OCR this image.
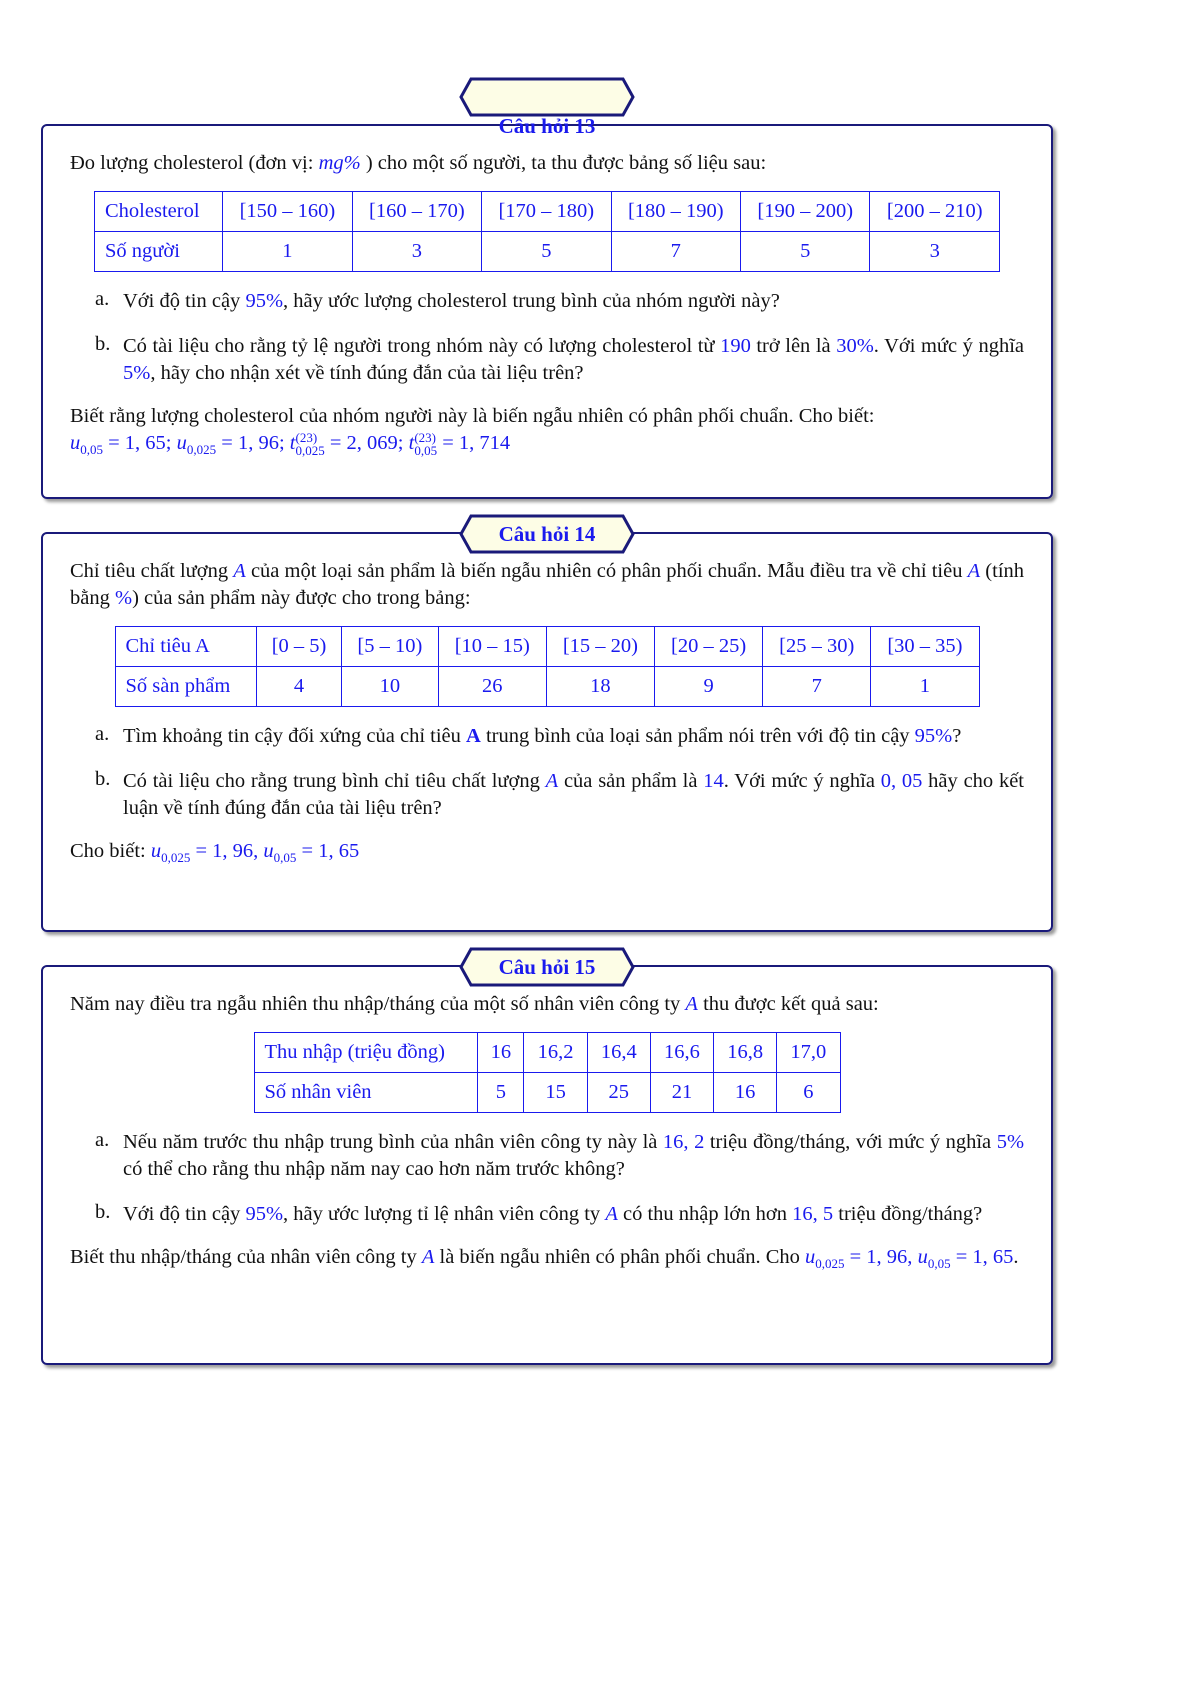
Câu hỏi 13

Đo lượng cholesterol (đơn vị: mg% ) cho một số người, ta thu được bảng số liệu sau:

Cholesterol	[150 – 160)	[160 – 170)	[170 – 180)	[180 – 190)	[190 – 200)	[200 – 210)
Số người	1	3	5	7	5	3
a. Với độ tin cậy 95%, hãy ước lượng cholesterol trung bình của nhóm người này?

b. Có tài liệu cho rằng tỷ lệ người trong nhóm này có lượng cholesterol từ 190 trở lên là 30%. Với mức ý nghĩa 5%, hãy cho nhận xét về tính đúng đắn của tài liệu trên?

Biết rằng lượng cholesterol của nhóm người này là biến ngẫu nhiên có phân phối chuẩn. Cho biết:
$u_{0,05} = 1$, 65; $u_{0,025} = 1$, 96; t (23)
0,025 = 2, 069; t (23)
0,05 = 1, 714

Câu hỏi 14

Chỉ tiêu chất lượng A của một loại sản phẩm là biến ngẫu nhiên có phân phối chuẩn. Mẫu điều tra về chỉ tiêu A (tính bằng %) của sản phẩm này được cho trong bảng:

Chỉ tiêu A	[0 – 5)	[5 – 10)	[10 – 15)	[15 – 20)	[20 – 25)	[25 – 30)	[30 – 35)
Số sàn phẩm	4	10	26	18	9	7	1
a. Tìm khoảng tin cậy đối xứng của chỉ tiêu A trung bình của loại sản phẩm nói trên với độ tin cậy 95%?

b. Có tài liệu cho rằng trung bình chỉ tiêu chất lượng A của sản phẩm là 14. Với mức ý nghĩa 0, 05 hãy cho kết luận về tính đúng đắn của tài liệu trên?

Cho biết: $u_{0,025} = 1$, 96, $u_{0,05} = 1$, 65

Câu hỏi 15

Năm nay điều tra ngẫu nhiên thu nhập/tháng của một số nhân viên công ty A thu được kết quả sau:

Thu nhập (triệu đồng)	16	16,2	16,4	16,6	16,8	17,0
Số nhân viên	5	15	25	21	16	6
a. Nếu năm trước thu nhập trung bình của nhân viên công ty này là 16, 2 triệu đồng/tháng, với mức ý nghĩa 5% có thể cho rằng thu nhập năm nay cao hơn năm trước không?

b. Với độ tin cậy 95%, hãy ước lượng tỉ lệ nhân viên công ty A có thu nhập lớn hơn 16, 5 triệu đồng/tháng?

Biết thu nhập/tháng của nhân viên công ty A là biến ngẫu nhiên có phân phối chuẩn. Cho $u_{0,025} = 1$, 96, $u_{0,05} = 1$, 65.
